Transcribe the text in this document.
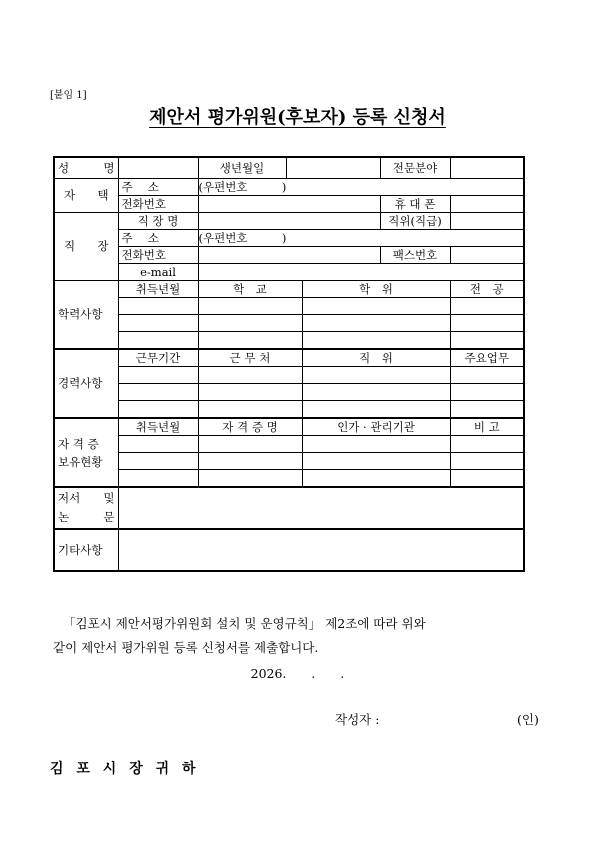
[붙임 1]
제안서 평가위원(후보자) 등록 신청서
성 명		생년월일			전문분야	

자 택	주　 소	(우편번호　　　)				
	전화번호				휴 대 폰	

직 장	직 장 명				직위(직급)	
	주　 소	(우편번호　　　)				
	전화번호				팩스번호	
	e-mail					
학력사항	취득년월	학　교		학　위		전　공

경력사항	근무기간	근 무 처		직　위		주요업무

자 격 증
보유현황	취득년월	자 격 증 명		인가 · 관리기관		비 고

저서 및
논 문						

기타사항						
「김포시 제안서평가위원회 설치 및 운영규칙」 제2조에 따라 위와
같이 제안서 평가위원 등록 신청서를 제출합니다.
2026.　　.　　.
작성자 :	(인)
김 포 시 장 귀 하
